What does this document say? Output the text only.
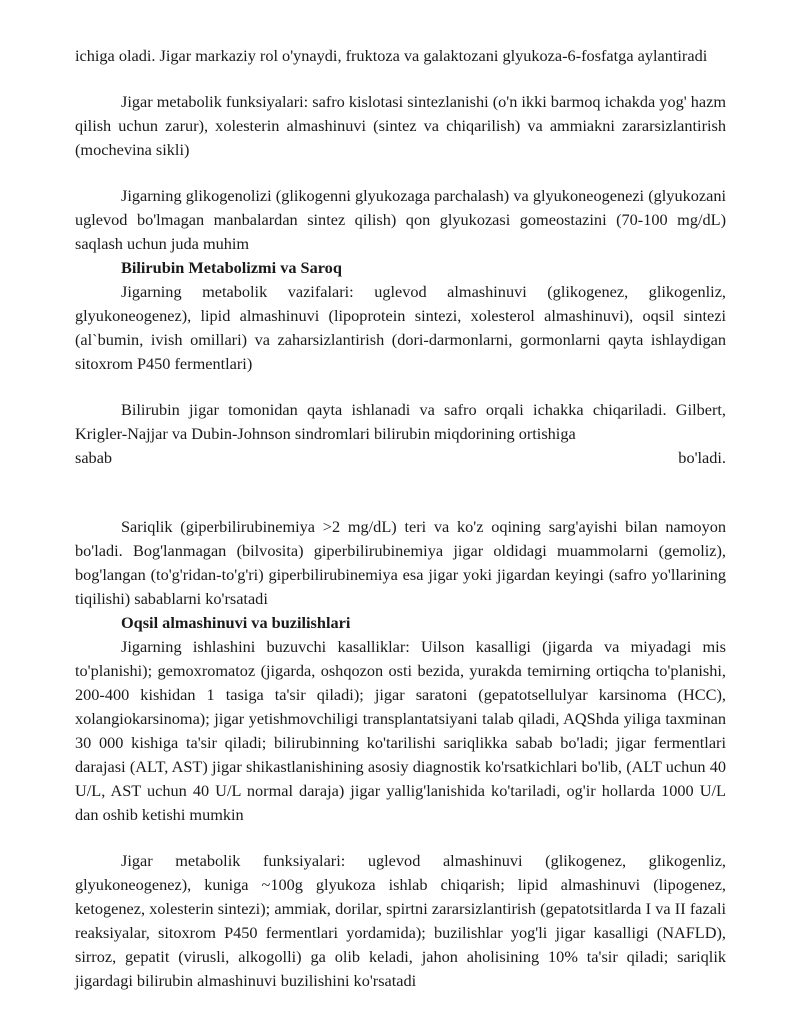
ichiga oladi. Jigar markaziy rol o'ynaydi, fruktoza va galaktozani glyukoza-6-fosfatga aylantiradi

Jigar metabolik funksiyalari: safro kislotasi sintezlanishi (o'n ikki barmoq ichakda yog' hazm qilish uchun zarur), xolesterin almashinuvi (sintez va chiqarilish) va ammiakni zararsizlantirish (mochevina sikli)

Jigarning glikogenolizi (glikogenni glyukozaga parchalash) va glyukoneogenezi (glyukozani uglevod bo'lmagan manbalardan sintez qilish) qon glyukozasi gomeostazini (70-100 mg/dL) saqlash uchun juda muhim

Bilirubin Metabolizmi va Saroq

Jigarning metabolik vazifalari: uglevod almashinuvi (glikogenez, glikogenliz, glyukoneogenez), lipid almashinuvi (lipoprotein sintezi, xolesterol almashinuvi), oqsil sintezi (al`bumin, ivish omillari) va zaharsizlantirish (dori-darmonlarni, gormonlarni qayta ishlaydigan sitoxrom P450 fermentlari)

Bilirubin jigar tomonidan qayta ishlanadi va safro orqali ichakka chiqariladi. Gilbert, Krigler-Najjar va Dubin-Johnson sindromlari bilirubin miqdorining ortishiga

sabab	bo'ladi.

Sariqlik (giperbilirubinemiya >2 mg/dL) teri va ko'z oqining sarg'ayishi bilan namoyon bo'ladi. Bog'lanmagan (bilvosita) giperbilirubinemiya jigar oldidagi muammolarni (gemoliz), bog'langan (to'g'ridan-to'g'ri) giperbilirubinemiya esa jigar yoki jigardan keyingi (safro yo'llarining tiqilishi) sabablarni ko'rsatadi

Oqsil almashinuvi va buzilishlari

Jigarning ishlashini buzuvchi kasalliklar: Uilson kasalligi (jigarda va miyadagi mis to'planishi); gemoxromatoz (jigarda, oshqozon osti bezida, yurakda temirning ortiqcha to'planishi, 200-400 kishidan 1 tasiga ta'sir qiladi); jigar saratoni (gepatotsellulyar karsinoma (HCC), xolangiokarsinoma); jigar yetishmovchiligi transplantatsiyani talab qiladi, AQShda yiliga taxminan 30 000 kishiga ta'sir qiladi; bilirubinning ko'tarilishi sariqlikka sabab bo'ladi; jigar fermentlari darajasi (ALT, AST) jigar shikastlanishining asosiy diagnostik ko'rsatkichlari bo'lib, (ALT uchun 40 U/L, AST uchun 40 U/L normal daraja) jigar yallig'lanishida ko'tariladi, og'ir hollarda 1000 U/L dan oshib ketishi mumkin

Jigar metabolik funksiyalari: uglevod almashinuvi (glikogenez, glikogenliz, glyukoneogenez), kuniga ~100g glyukoza ishlab chiqarish; lipid almashinuvi (lipogenez, ketogenez, xolesterin sintezi); ammiak, dorilar, spirtni zararsizlantirish (gepatotsitlarda I va II fazali reaksiyalar, sitoxrom P450 fermentlari yordamida); buzilishlar yog'li jigar kasalligi (NAFLD), sirroz, gepatit (virusli, alkogolli) ga olib keladi, jahon aholisining 10% ta'sir qiladi; sariqlik jigardagi bilirubin almashinuvi buzilishini ko'rsatadi
